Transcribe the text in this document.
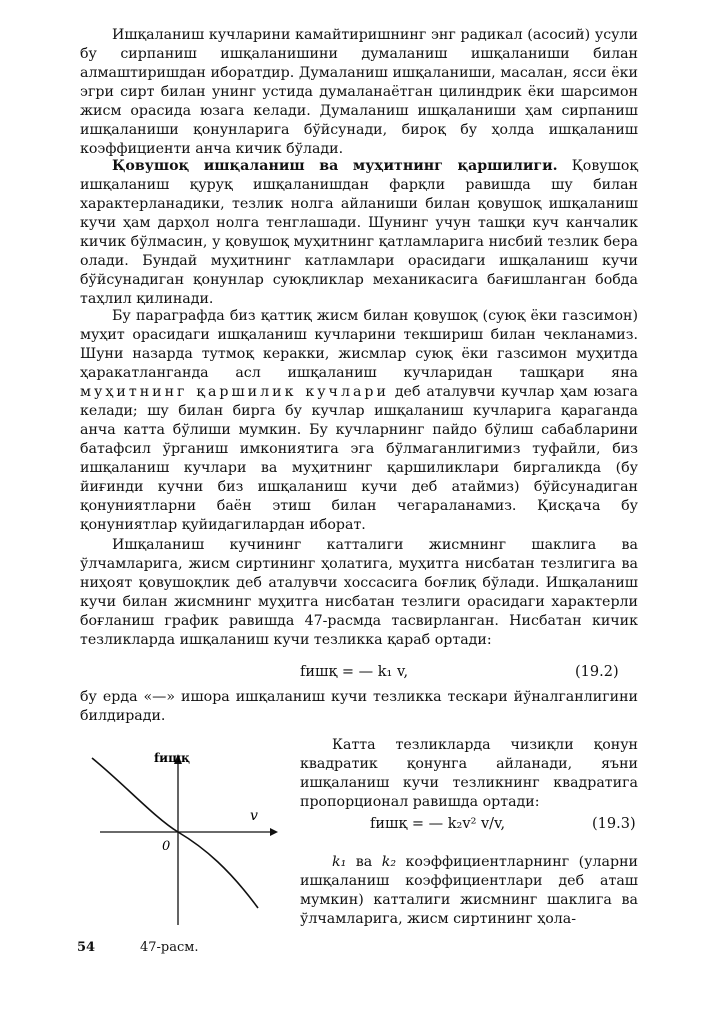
Ишқаланиш кучларини камайтиришнинг энг радикал (асосий) усули бу сирпаниш ишқаланишини думаланиш ишқаланиши билан алмаштиришдан иборатдир. Думаланиш ишқаланиши, масалан, ясси ёки эгри сирт билан унинг устида думаланаётган цилиндрик ёки шарсимон жисм орасида юзага келади. Думаланиш ишқаланиши ҳам сирпаниш ишқаланиши қонунларига бўйсунади, бироқ бу ҳолда ишқаланиш коэффициенти анча кичик бўлади.

Қовушоқ ишқаланиш ва муҳитнинг қаршилиги. Қовушоқ ишқаланиш қуруқ ишқаланишдан фарқли равишда шу билан характерланадики, тезлик нолга айланиши билан қовушоқ ишқаланиш кучи ҳам дарҳол нолга тенглашади. Шунинг учун ташқи куч канчалик кичик бўлмасин, у қовушоқ муҳитнинг қатламларига нисбий тезлик бера олади. Бундай муҳитнинг катламлари орасидаги ишқаланиш кучи бўйсунадиган қонунлар суюқликлар механикасига бағишланган бобда таҳлил қилинади.

Бу параграфда биз қаттиқ жисм билан қовушоқ (суюқ ёки газсимон) муҳит орасидаги ишқаланиш кучларини текшириш билан чекланамиз. Шуни назарда тутмоқ керакки, жисмлар суюқ ёки газсимон муҳитда ҳаракатланганда асл ишқаланиш кучларидан ташқари яна муҳитнинг қаршилик кучлари деб аталувчи кучлар ҳам юзага келади; шу билан бирга бу кучлар ишқаланиш кучларига қараганда анча катта бўлиши мумкин. Бу кучларнинг пайдо бўлиш сабабларини батафсил ўрганиш имкониятига эга бўлмаганлигимиз туфайли, биз ишқаланиш кучлари ва муҳитнинг қаршиликлари биргаликда (бу йиғинди кучни биз ишқаланиш кучи деб атаймиз) бўйсунадиган қонуниятларни баён этиш билан чегараланамиз. Қисқача бу қонуниятлар қуйидагилардан иборат.

Ишқаланиш кучининг катталиги жисмнинг шаклига ва ўлчамларига, жисм сиртининг ҳолатига, муҳитга нисбатан тезлигига ва ниҳоят қовушоқлик деб аталувчи хоссасига боғлиқ бўлади. Ишқаланиш кучи билан жисмнинг муҳитга нисбатан тезлиги орасидаги характерли боғланиш график равишда 47-расмда тасвирланган. Нисбатан кичик тезликларда ишқаланиш кучи тезликка қараб ортади:

fишқ = — k₁ v,	(19.2)

бу ерда «—» ишора ишқаланиш кучи тезликка тескари йўналганлигини билдиради.

fишқ
v
0

Катта тезликларда чизиқли қонун квадратик қонунга айланади, яъни ишқаланиш кучи тезликнинг квадратига пропорционал равишда ортади:

fишқ = — k₂v² v/v,	(19.3)

k₁ ва k₂ коэффициентларнинг (уларни ишқаланиш коэффициентлари деб аташ мумкин) катталиги жисмнинг шаклига ва ўлчамларига, жисм сиртининг ҳола-

47-расм.
54
